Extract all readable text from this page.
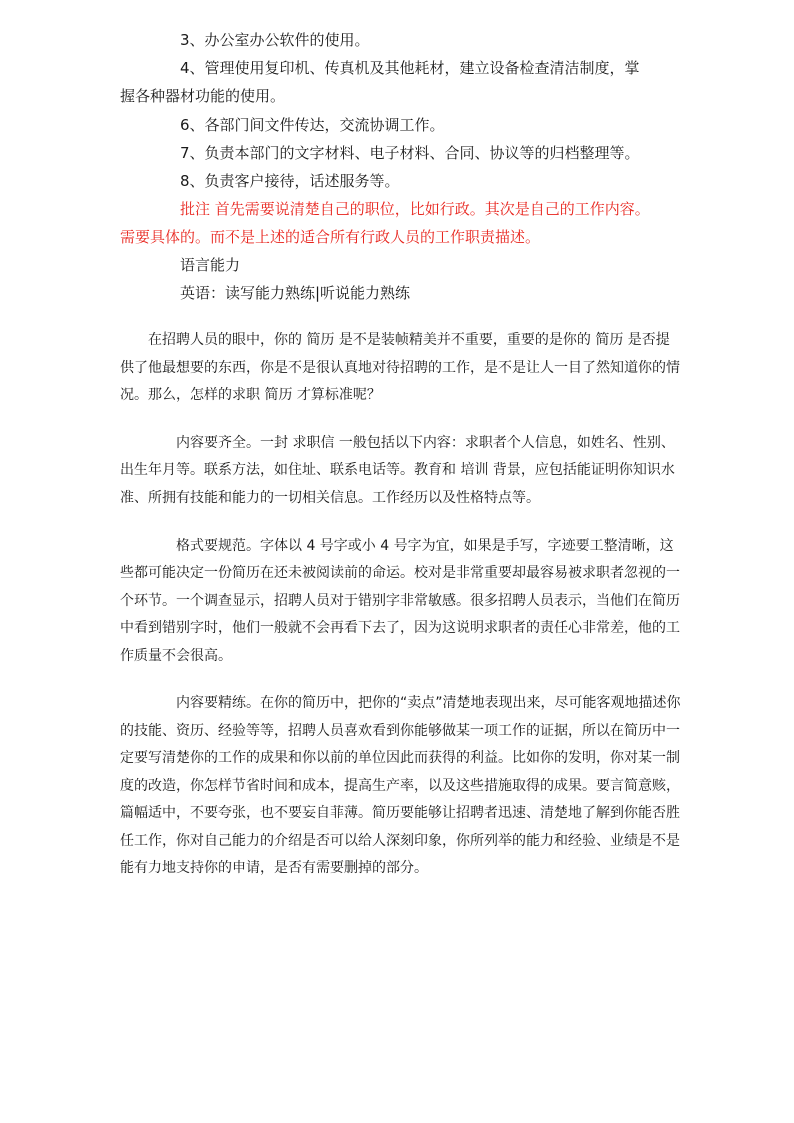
3、办公室办公软件的使用。
4、管理使用复印机、传真机及其他耗材，建立设备检查清洁制度，掌
握各种器材功能的使用。
6、各部门间文件传达，交流协调工作。
7、负责本部门的文字材料、电子材料、合同、协议等的归档整理等。
8、负责客户接待，话述服务等。
批注 首先需要说清楚自己的职位，比如行政。其次是自己的工作内容。
需要具体的。而不是上述的适合所有行政人员的工作职责描述。
语言能力
英语：读写能力熟练|听说能力熟练
在招聘人员的眼中，你的 简历 是不是装帧精美并不重要，重要的是你的 简历 是否提
供了他最想要的东西，你是不是很认真地对待招聘的工作，是不是让人一目了然知道你的情
况。那么，怎样的求职 简历 才算标准呢？
内容要齐全。一封 求职信 一般包括以下内容：求职者个人信息，如姓名、性别、
出生年月等。联系方法，如住址、联系电话等。教育和 培训 背景，应包括能证明你知识水
准、所拥有技能和能力的一切相关信息。工作经历以及性格特点等。
格式要规范。字体以 4 号字或小 4 号字为宜，如果是手写，字迹要工整清晰，这
些都可能决定一份简历在还未被阅读前的命运。校对是非常重要却最容易被求职者忽视的一
个环节。一个调查显示，招聘人员对于错别字非常敏感。很多招聘人员表示，当他们在简历
中看到错别字时，他们一般就不会再看下去了，因为这说明求职者的责任心非常差，他的工
作质量不会很高。
内容要精练。在你的简历中，把你的“卖点”清楚地表现出来，尽可能客观地描述你
的技能、资历、经验等等，招聘人员喜欢看到你能够做某一项工作的证据，所以在简历中一
定要写清楚你的工作的成果和你以前的单位因此而获得的利益。比如你的发明，你对某一制
度的改造，你怎样节省时间和成本，提高生产率，以及这些措施取得的成果。要言简意赅，
篇幅适中，不要夸张，也不要妄自菲薄。简历要能够让招聘者迅速、清楚地了解到你能否胜
任工作，你对自己能力的介绍是否可以给人深刻印象，你所列举的能力和经验、业绩是不是
能有力地支持你的申请，是否有需要删掉的部分。
